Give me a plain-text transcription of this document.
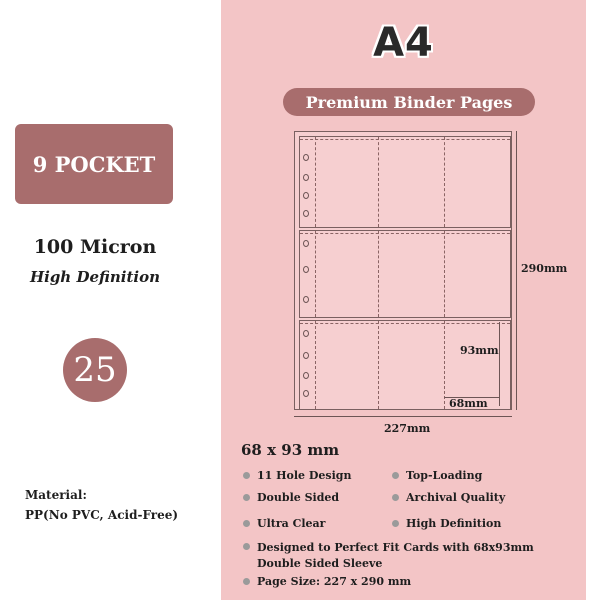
9 POCKET
100 Micron
High Definition
25
Material:
PP(No PVC, Acid-Free)
A4
Premium Binder Pages
290mm
227mm
93mm
68mm
68 x 93 mm
11 Hole Design	Top-Loading
Double Sided	Archival Quality
Ultra Clear	High Definition
Designed to Perfect Fit Cards with 68x93mm Double Sided Sleeve
Page Size: 227 x 290 mm
